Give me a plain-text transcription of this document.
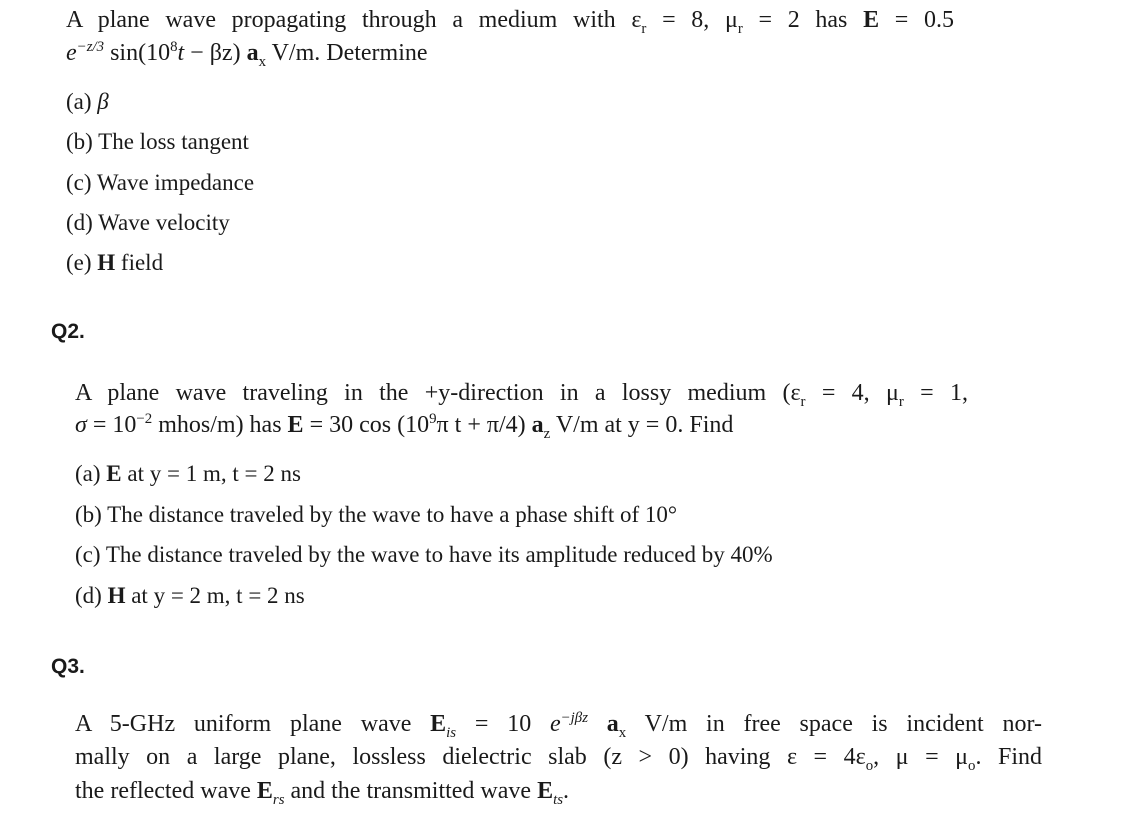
A plane wave propagating through a medium with $\varepsilon_r = 8$, $\mu_r = 2$ has E = 0.5
$e^{-z/3}$ $\sin(10^8t - \beta z)$ $a_x$ V/m. Determine
(a) β
(b) The loss tangent
(c) Wave impedance
(d) Wave velocity
(e) H field
Q2.
A plane wave traveling in the +y-direction in a lossy medium ($\varepsilon_r = 4$, $\mu_r = 1$,
$\sigma = 10^{-2}$ mhos/m) has E = 30 $\cos (10^9\pi$ t + π/4) $a_z$ V/m at y = 0. Find
(a) E at y = 1 m, t = 2 ns
(b) The distance traveled by the wave to have a phase shift of 10°
(c) The distance traveled by the wave to have its amplitude reduced by 40%
(d) H at y = 2 m, t = 2 ns
Q3.
A 5-GHz uniform plane wave $E_{is} = 10$ $e^{-j\beta z}$ $a_x$ V/m in free space is incident nor-
mally on a large plane, lossless dielectric slab (z > 0) having $\varepsilon = 4\varepsilon_o$, $\mu = \mu_o$. Find
the reflected wave $E_{rs}$ and the transmitted wave $E_{ts}$.
